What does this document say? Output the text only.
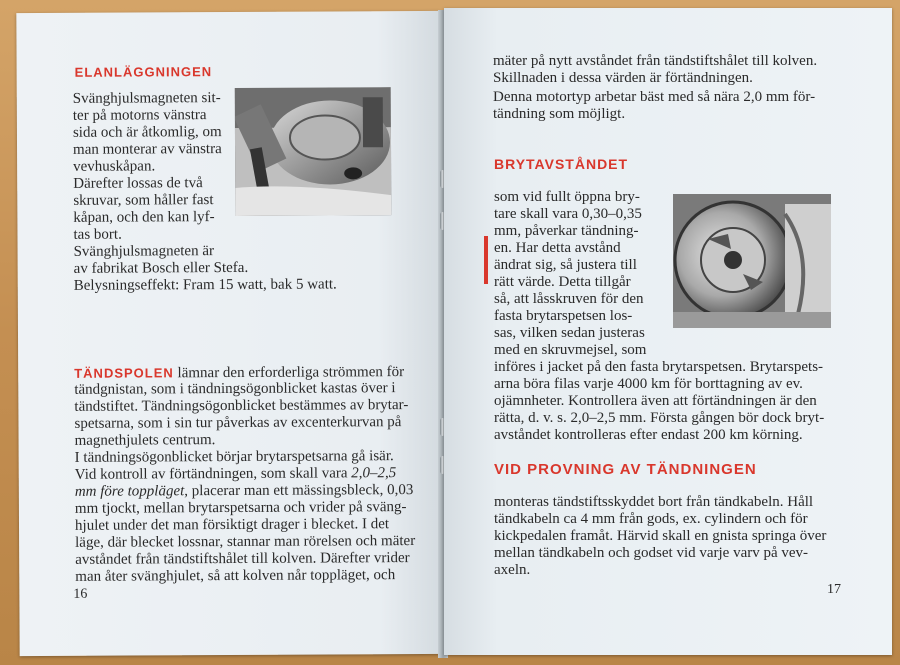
ELANLÄGGNINGEN
Svänghjulsmagneten sit-
ter på motorns vänstra
sida och är åtkomlig, om
man monterar av vänstra
vevhuskåpan.
Därefter lossas de två
skruvar, som håller fast
kåpan, och den kan lyf-
tas bort.
Svänghjulsmagneten är
av fabrikat Bosch eller Stefa.
Belysningseffekt: Fram 15 watt, bak 5 watt.
TÄNDSPOLEN lämnar den erforderliga strömmen för
tändgnistan, som i tändningsögonblicket kastas över i
tändstiftet. Tändningsögonblicket bestämmes av brytar-
spetsarna, som i sin tur påverkas av excenterkurvan på
magnethjulets centrum.
I tändningsögonblicket börjar brytarspetsarna gå isär.
Vid kontroll av förtändningen, som skall vara 2,0–2,5
mm före toppläget, placerar man ett mässingsbleck, 0,03
mm tjockt, mellan brytarspetsarna och vrider på sväng-
hjulet under det man försiktigt drager i blecket. I det
läge, där blecket lossnar, stannar man rörelsen och mäter
avståndet från tändstiftshålet till kolven. Därefter vrider
man åter svänghjulet, så att kolven når toppläget, och
16
mäter på nytt avståndet från tändstiftshålet till kolven.
Skillnaden i dessa värden är förtändningen.
Denna motortyp arbetar bäst med så nära 2,0 mm för-
tändning som möjligt.
BRYTAVSTÅNDET
som vid fullt öppna bry-
tare skall vara 0,30–0,35
mm, påverkar tändning-
en. Har detta avstånd
ändrat sig, så justera till
rätt värde. Detta tillgår
så, att låsskruven för den
fasta brytarspetsen los-
sas, vilken sedan justeras
med en skruvmejsel, som
införes i jacket på den fasta brytarspetsen. Brytarspets-
arna böra filas varje 4000 km för borttagning av ev.
ojämnheter. Kontrollera även att förtändningen är den
rätta, d. v. s. 2,0–2,5 mm. Första gången bör dock bryt-
avståndet kontrolleras efter endast 200 km körning.
VID PROVNING AV TÄNDNINGEN
monteras tändstiftsskyddet bort från tändkabeln. Håll
tändkabeln ca 4 mm från gods, ex. cylindern och för
kickpedalen framåt. Härvid skall en gnista springa över
mellan tändkabeln och godset vid varje varv på vev-
axeln.
17
